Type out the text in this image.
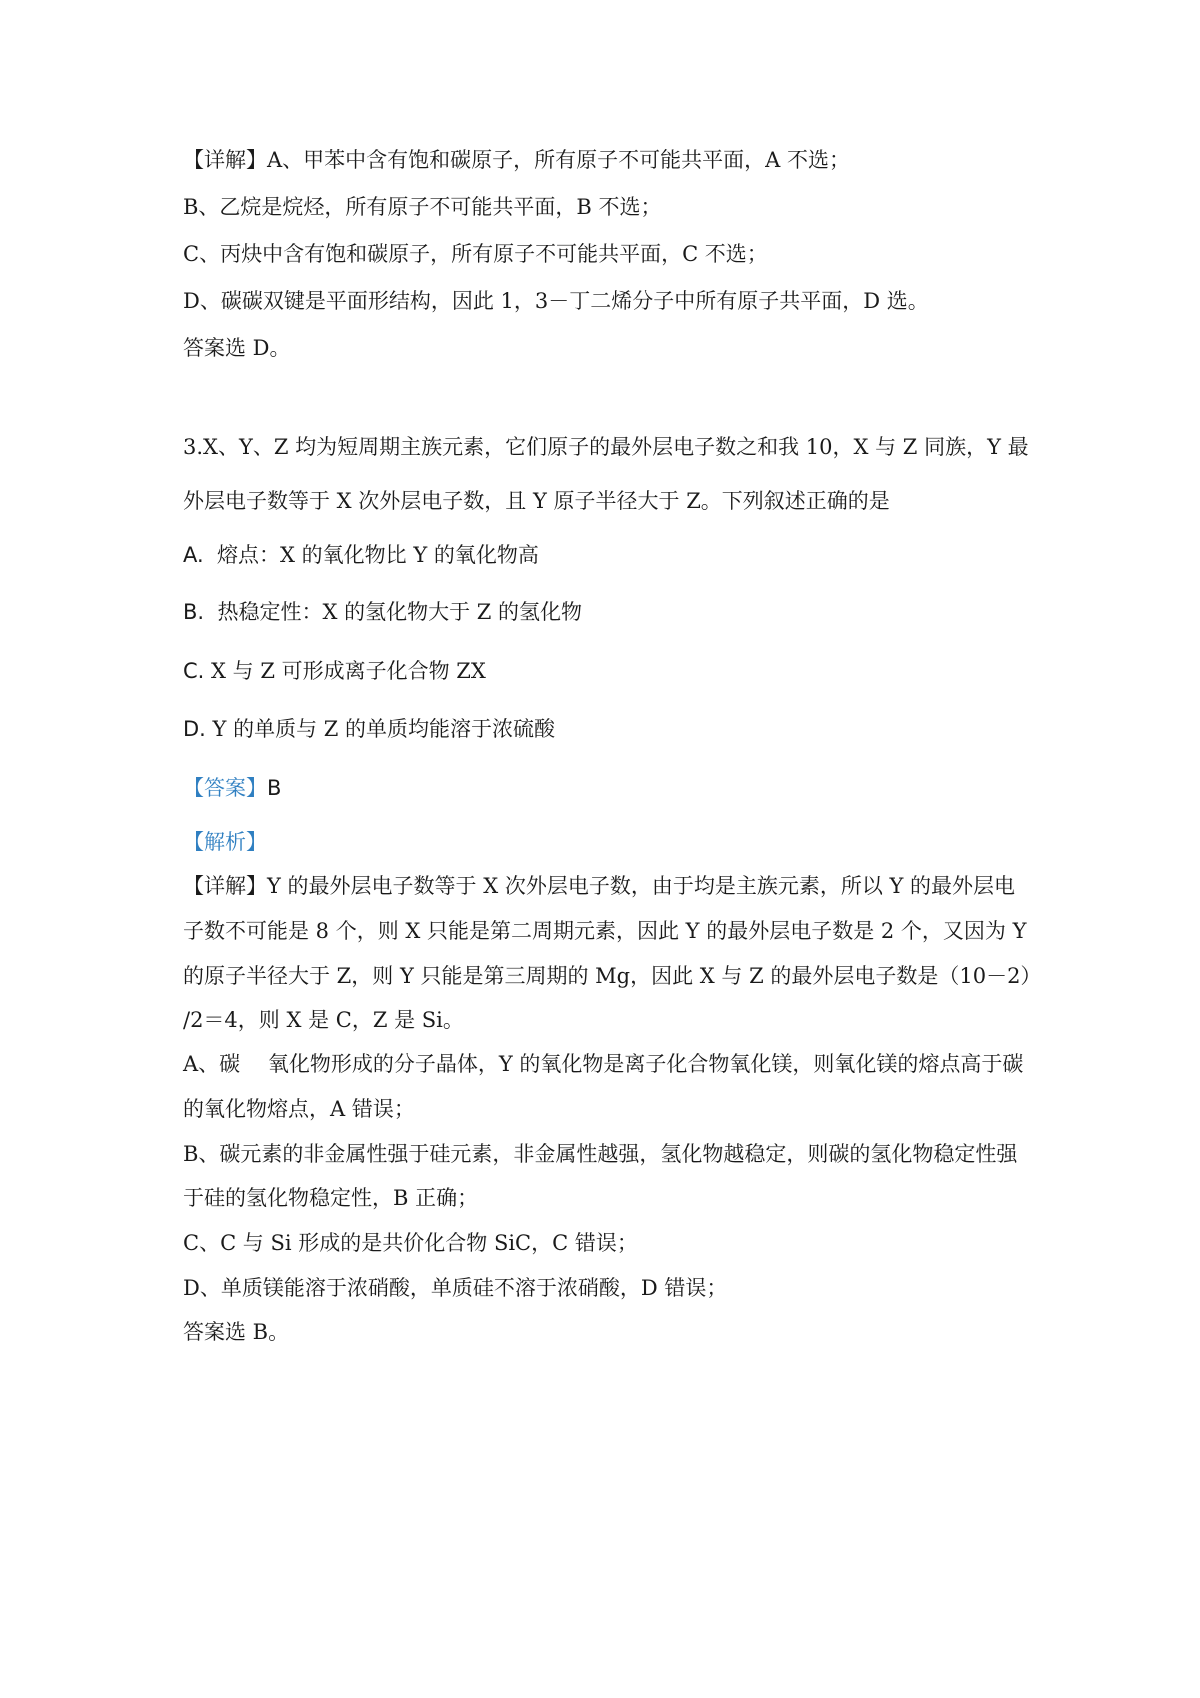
【详解】A、甲苯中含有饱和碳原子，所有原子不可能共平面，A 不选；
B、乙烷是烷烃，所有原子不可能共平面，B 不选；
C、丙炔中含有饱和碳原子，所有原子不可能共平面，C 不选；
D、碳碳双键是平面形结构，因此 1，3－丁二烯分子中所有原子共平面，D 选。
答案选 D。
3.X、Y、Z 均为短周期主族元素，它们原子的最外层电子数之和我 10，X 与 Z 同族，Y 最
外层电子数等于 X 次外层电子数，且 Y 原子半径大于 Z。下列叙述正确的是
A. 熔点：X 的氧化物比 Y 的氧化物高
B. 热稳定性：X 的氢化物大于 Z 的氢化物
C. X 与 Z 可形成离子化合物 ZX
D. Y 的单质与 Z 的单质均能溶于浓硫酸
【答案】B
【解析】
【详解】Y 的最外层电子数等于 X 次外层电子数，由于均是主族元素，所以 Y 的最外层电
子数不可能是 8 个，则 X 只能是第二周期元素，因此 Y 的最外层电子数是 2 个，又因为 Y
的原子半径大于 Z，则 Y 只能是第三周期的 Mg，因此 X 与 Z 的最外层电子数是（10－2）
/2＝4，则 X 是 C，Z 是 Si。
A、碳　 氧化物形成的分子晶体，Y 的氧化物是离子化合物氧化镁，则氧化镁的熔点高于碳
的氧化物熔点，A 错误；
B、碳元素的非金属性强于硅元素，非金属性越强，氢化物越稳定，则碳的氢化物稳定性强
于硅的氢化物稳定性，B 正确；
C、C 与 Si 形成的是共价化合物 SiC，C 错误；
D、单质镁能溶于浓硝酸，单质硅不溶于浓硝酸，D 错误；
答案选 B。
